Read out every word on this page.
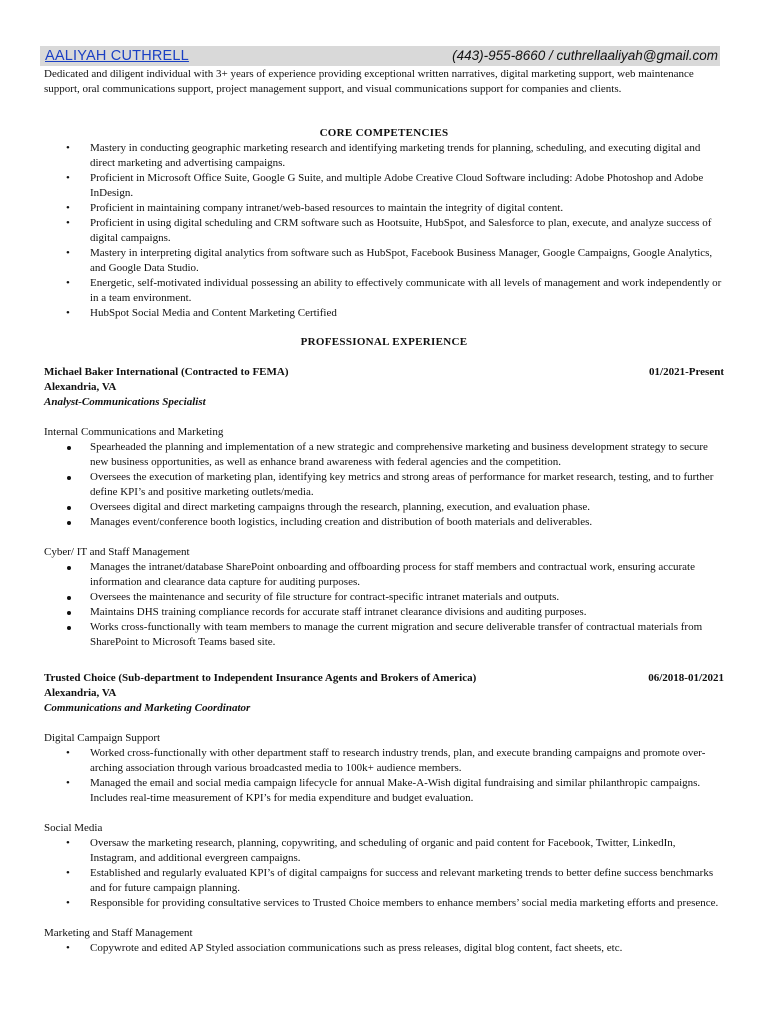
AALIYAH CUTHRELL	(443)-955-8660 / cuthrellaaliyah@gmail.com
Dedicated and diligent individual with 3+ years of experience providing exceptional written narratives, digital marketing support, web maintenance support, oral communications support, project management support, and visual communications support for companies and clients.
CORE COMPETENCIES
• Mastery in conducting geographic marketing research and identifying marketing trends for planning, scheduling, and executing digital and direct marketing and advertising campaigns.
• Proficient in Microsoft Office Suite, Google G Suite, and multiple Adobe Creative Cloud Software including: Adobe Photoshop and Adobe InDesign.
• Proficient in maintaining company intranet/web-based resources to maintain the integrity of digital content.
• Proficient in using digital scheduling and CRM software such as Hootsuite, HubSpot, and Salesforce to plan, execute, and analyze success of digital campaigns.
• Mastery in interpreting digital analytics from software such as HubSpot, Facebook Business Manager, Google Campaigns, Google Analytics, and Google Data Studio.
• Energetic, self-motivated individual possessing an ability to effectively communicate with all levels of management and work independently or in a team environment.
• HubSpot Social Media and Content Marketing Certified
PROFESSIONAL EXPERIENCE
Michael Baker International (Contracted to FEMA)	01/2021-Present
Alexandria, VA
Analyst-Communications Specialist
Internal Communications and Marketing
Spearheaded the planning and implementation of a new strategic and comprehensive marketing and business development strategy to secure new business opportunities, as well as enhance brand awareness with federal agencies and the competition.
Oversees the execution of marketing plan, identifying key metrics and strong areas of performance for market research, testing, and to further define KPI’s and positive marketing outlets/media.
Oversees digital and direct marketing campaigns through the research, planning, execution, and evaluation phase.
Manages event/conference booth logistics, including creation and distribution of booth materials and deliverables.
Cyber/ IT and Staff Management
Manages the intranet/database SharePoint onboarding and offboarding process for staff members and contractual work, ensuring accurate information and clearance data capture for auditing purposes.
Oversees the maintenance and security of file structure for contract-specific intranet materials and outputs.
Maintains DHS training compliance records for accurate staff intranet clearance divisions and auditing purposes.
Works cross-functionally with team members to manage the current migration and secure deliverable transfer of contractual materials from SharePoint to Microsoft Teams based site.
Trusted Choice (Sub-department to Independent Insurance Agents and Brokers of America)	06/2018-01/2021
Alexandria, VA
Communications and Marketing Coordinator
Digital Campaign Support
• Worked cross-functionally with other department staff to research industry trends, plan, and execute branding campaigns and promote over-arching association through various broadcasted media to 100k+ audience members.
• Managed the email and social media campaign lifecycle for annual Make-A-Wish digital fundraising and similar philanthropic campaigns. Includes real-time measurement of KPI’s for media expenditure and budget evaluation.
Social Media
• Oversaw the marketing research, planning, copywriting, and scheduling of organic and paid content for Facebook, Twitter, LinkedIn, Instagram, and additional evergreen campaigns.
• Established and regularly evaluated KPI’s of digital campaigns for success and relevant marketing trends to better define success benchmarks and for future campaign planning.
• Responsible for providing consultative services to Trusted Choice members to enhance members’ social media marketing efforts and presence.
Marketing and Staff Management
• Copywrote and edited AP Styled association communications such as press releases, digital blog content, fact sheets, etc.
